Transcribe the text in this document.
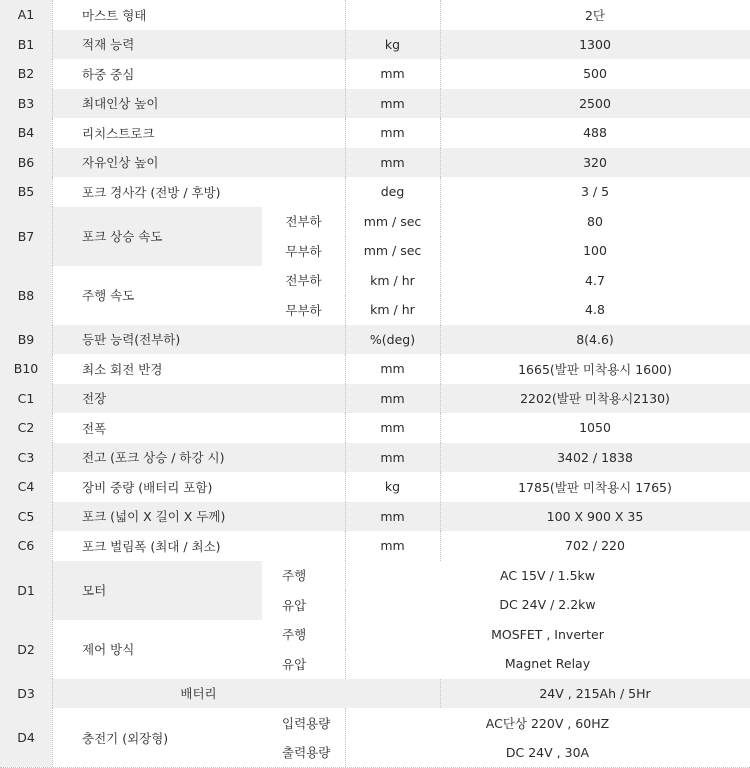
A1	마스트 형태	2단
B1	적재 능력	kg	1300
B2	하중 중심	mm	500
B3	최대인상 높이	mm	2500
B4	리치스트로크	mm	488
B6	자유인상 높이	mm	320
B5	포크 경사각 (전방 / 후방)	deg	3 / 5
B7	포크 상승 속도
전부하	mm / sec	80
무부하	mm / sec	100
B8	주행 속도
전부하	km / hr	4.7
무부하	km / hr	4.8
B9	등판 능력(전부하)	%(deg)	8(4.6)
B10	최소 회전 반경	mm	1665(발판 미착용시 1600)
C1	전장	mm	2202(발판 미착용시2130)
C2	전폭	mm	1050
C3	전고 (포크 상승 / 하강 시)	mm	3402 / 1838
C4	장비 중량 (배터리 포함)	kg	1785(발판 미착용시 1765)
C5	포크 (넓이 X 길이 X 두께)	mm	100 X 900 X 35
C6	포크 벌림폭 (최대 / 최소)	mm	702 / 220
D1	모터
주행	AC 15V / 1.5kw
유압	DC 24V / 2.2kw
D2	제어 방식
주행	MOSFET , Inverter
유압	Magnet Relay
D3	배터리	24V , 215Ah / 5Hr
D4	충전기 (외장형)
입력용량	AC단상 220V , 60HZ
출력용량	DC 24V , 30A
